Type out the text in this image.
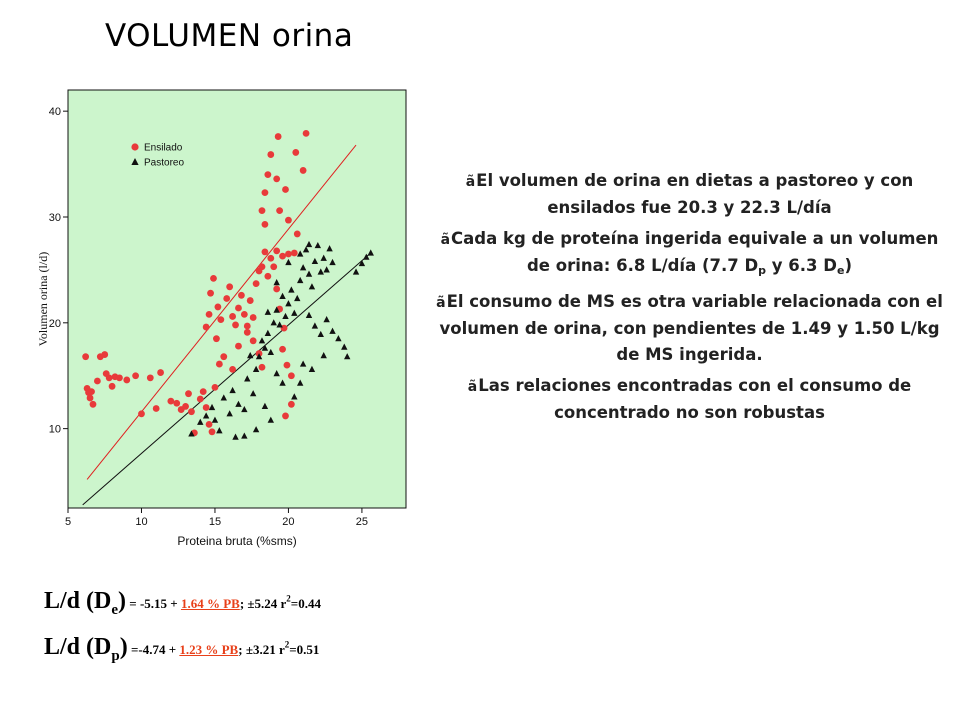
VOLUMEN orina
5	10	15	20	25
10
20
30
40
Proteina bruta (%sms)
Volumen orina (l/d)
Ensilado
Pastoreo

ãEl volumen de orina en dietas a pastoreo y con ensilados fue 20.3 y 22.3 L/día

ãCada kg de proteína ingerida equivale a un volumen de orina: 6.8 L/día (7.7 $D_p$ y 6.3 $D_e$)

ãEl consumo de MS es otra variable relacionada con el volumen de orina, con pendientes de 1.49 y 1.50 L/kg de MS ingerida.

ãLas relaciones encontradas con el consumo de concentrado no son robustas

L/d (De) = -5.15 + 1.64 % PB; ±5.24 $r^2=0.44$
L/d (Dp) =-4.74 + 1.23 % PB; ±3.21 $r^2=0.51$
